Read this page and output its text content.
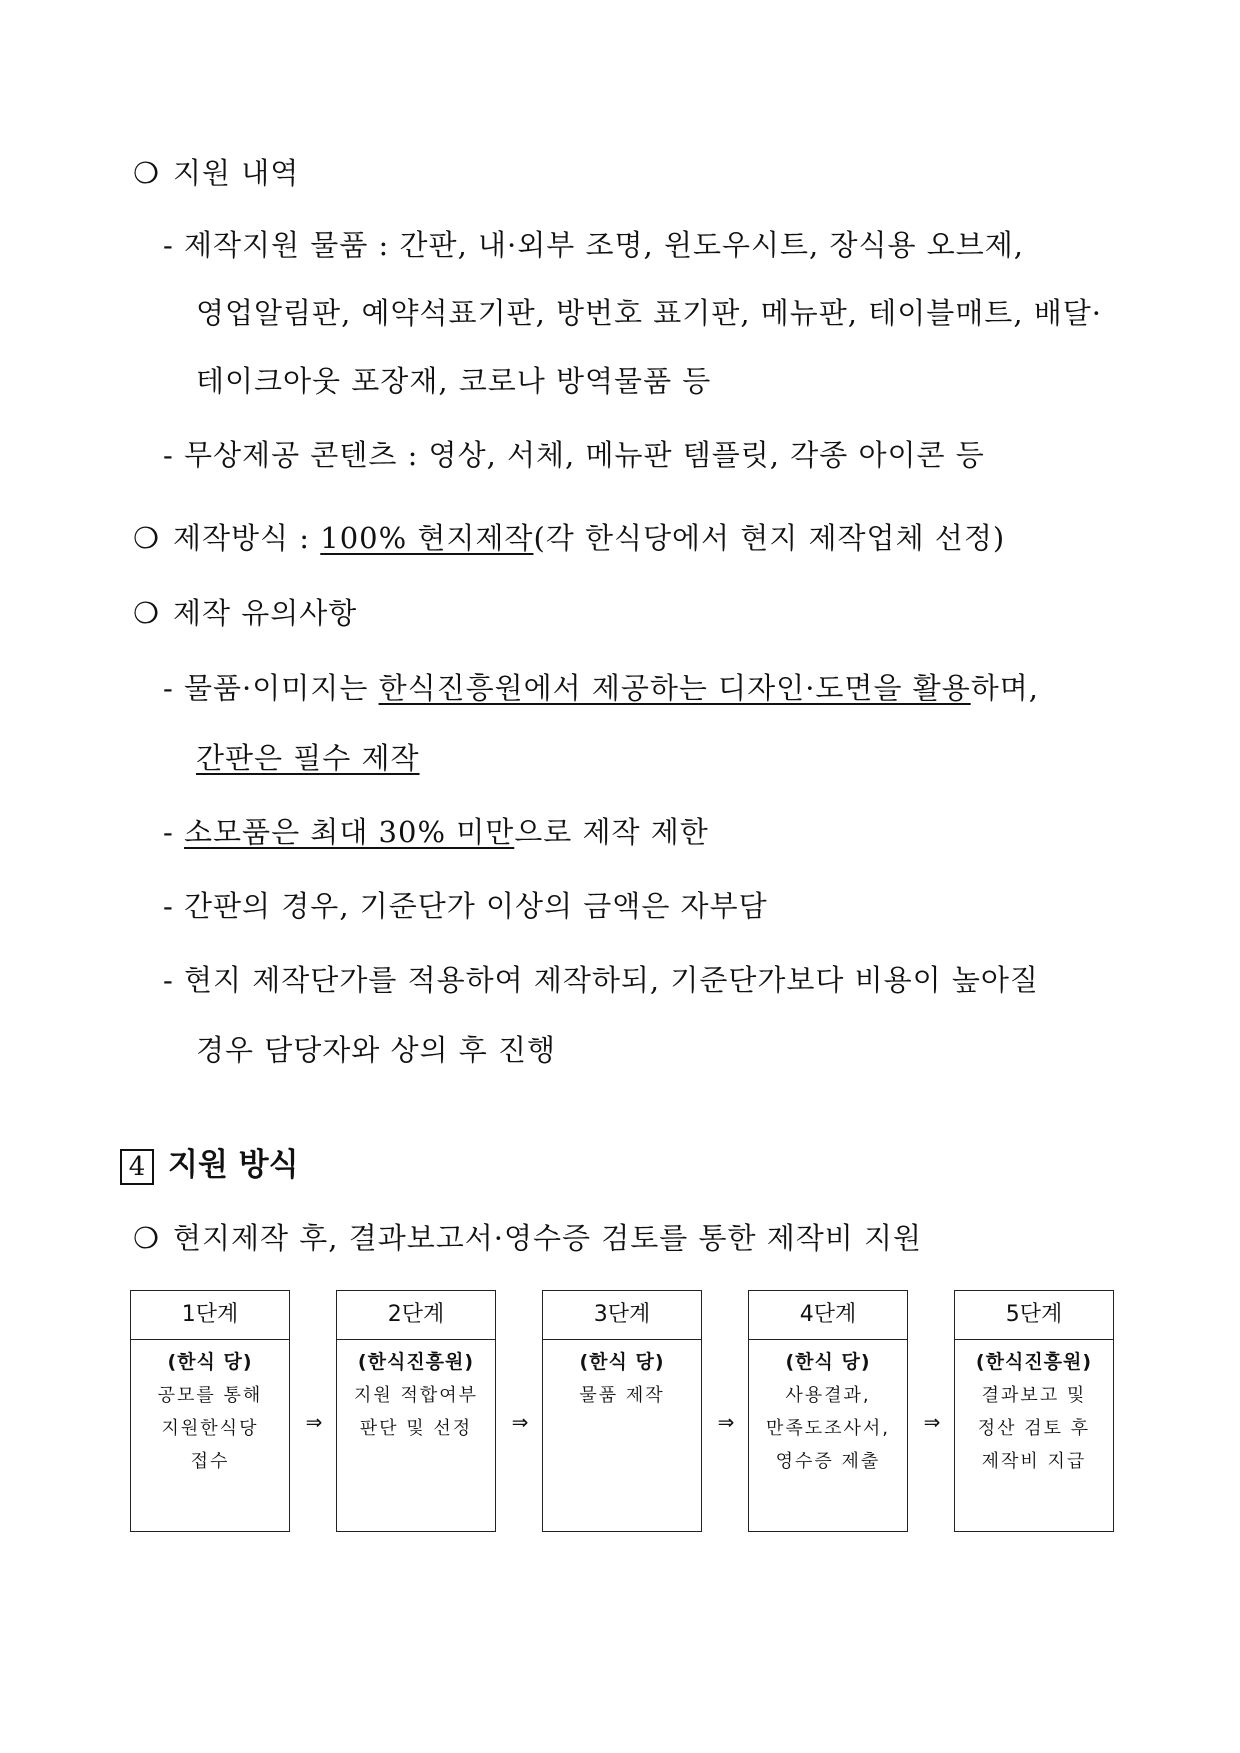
❍ 지원 내역
- 제작지원 물품 : 간판, 내·외부 조명, 윈도우시트, 장식용 오브제,
영업알림판, 예약석표기판, 방번호 표기판, 메뉴판, 테이블매트, 배달·
테이크아웃 포장재, 코로나 방역물품 등
- 무상제공 콘텐츠 : 영상, 서체, 메뉴판 템플릿, 각종 아이콘 등
❍ 제작방식 : 100% 현지제작(각 한식당에서 현지 제작업체 선정)
❍ 제작 유의사항
- 물품·이미지는 한식진흥원에서 제공하는 디자인·도면을 활용하며,
간판은 필수 제작
- 소모품은 최대 30% 미만으로 제작 제한
- 간판의 경우, 기준단가 이상의 금액은 자부담
- 현지 제작단가를 적용하여 제작하되, 기준단가보다 비용이 높아질
경우 담당자와 상의 후 진행
4 지원 방식
❍ 현지제작 후, 결과보고서·영수증 검토를 통한 제작비 지원
1단계
(한식 당)
공모를 통해
지원한식당
접수
⇒
2단계
(한식진흥원)
지원 적합여부
판단 및 선정	⇒
3단계
(한식 당)
물품 제작
⇒
4단계
(한식 당)
사용결과,
만족도조사서,
영수증 제출
⇒
5단계
(한식진흥원)
결과보고 및
정산 검토 후
제작비 지급
